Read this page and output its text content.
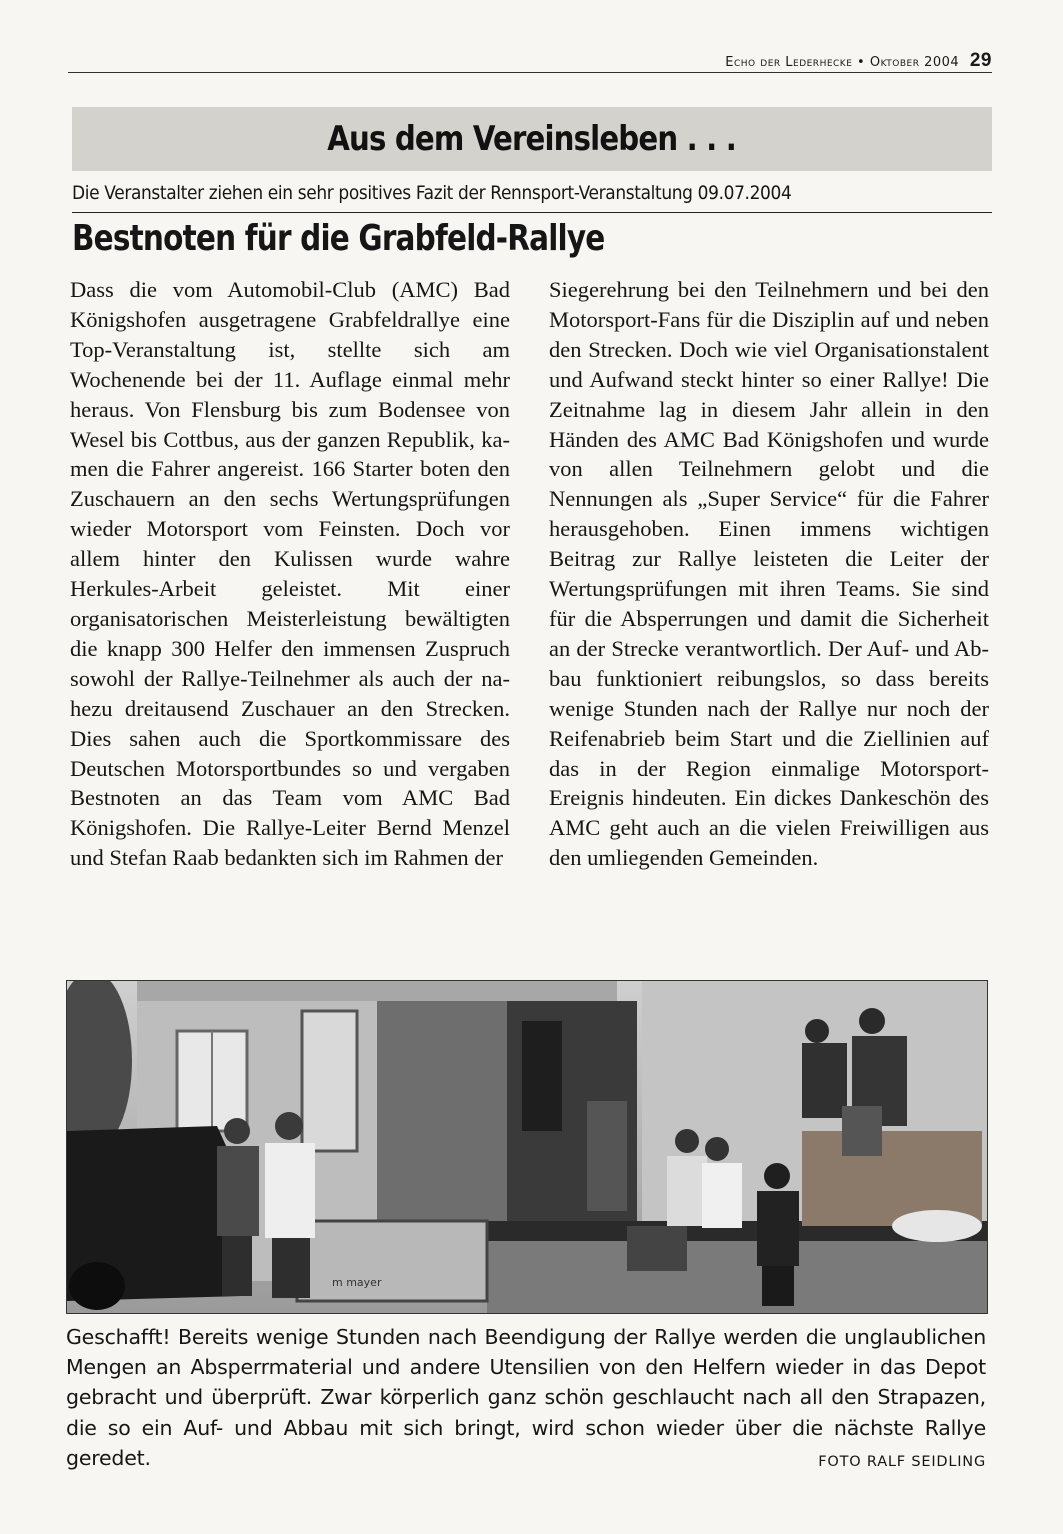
Echo der Lederhecke • Oktober 2004 29
Aus dem Vereinsleben . . .
Die Veranstalter ziehen ein sehr positives Fazit der Rennsport-Veranstaltung 09.07.2004
Bestnoten für die Grabfeld-Rallye
Dass die vom Automobil-Club (AMC) Bad Königshofen ausgetragene Grabfeldrallye eine Top-Veranstaltung ist, stellte sich am Wochenende bei der 11. Auflage einmal mehr heraus. Von Flensburg bis zum Bodensee von Wesel bis Cottbus, aus der ganzen Republik, kamen die Fahrer angereist. 166 Starter boten den Zuschauern an den sechs Wertungsprüfungen wieder Motorsport vom Feinsten. Doch vor allem hinter den Kulissen wurde wahre Herkules-Arbeit geleistet. Mit einer organisatorischen Meisterleistung bewältigten die knapp 300 Helfer den immensen Zuspruch sowohl der Rallye-Teilnehmer als auch der nahezu dreitausend Zuschauer an den Strecken. Dies sahen auch die Sportkommissare des Deutschen Motorsportbundes so und vergaben Bestnoten an das Team vom AMC Bad Königshofen. Die Rallye-Leiter Bernd Menzel und Stefan Raab bedankten sich im Rahmen der
Siegerehrung bei den Teilnehmern und bei den Motorsport-Fans für die Disziplin auf und neben den Strecken. Doch wie viel Organisationstalent und Aufwand steckt hinter so einer Rallye! Die Zeitnahme lag in diesem Jahr allein in den Händen des AMC Bad Königshofen und wurde von allen Teilnehmern gelobt und die Nennungen als „Super Service“ für die Fahrer herausgehoben. Einen immens wichtigen Beitrag zur Rallye leisteten die Leiter der Wertungsprüfungen mit ihren Teams. Sie sind für die Absperrungen und damit die Sicherheit an der Strecke verantwortlich. Der Auf- und Abbau funktioniert reibungslos, so dass bereits wenige Stunden nach der Rallye nur noch der Reifenabrieb beim Start und die Ziellinien auf das in der Region einmalige Motorsport-Ereignis hindeuten. Ein dickes Dankeschön des AMC geht auch an die vielen Freiwilligen aus den umliegenden Gemeinden.
m mayer
Geschafft! Bereits wenige Stunden nach Beendigung der Rallye werden die unglaublichen Mengen an Absperrmaterial und andere Utensilien von den Helfern wieder in das Depot gebracht und überprüft. Zwar körperlich ganz schön geschlaucht nach all den Strapazen, die so ein Auf- und Abbau mit sich bringt, wird schon wieder über die nächste Rallye geredet.	FOTO RALF SEIDLING
